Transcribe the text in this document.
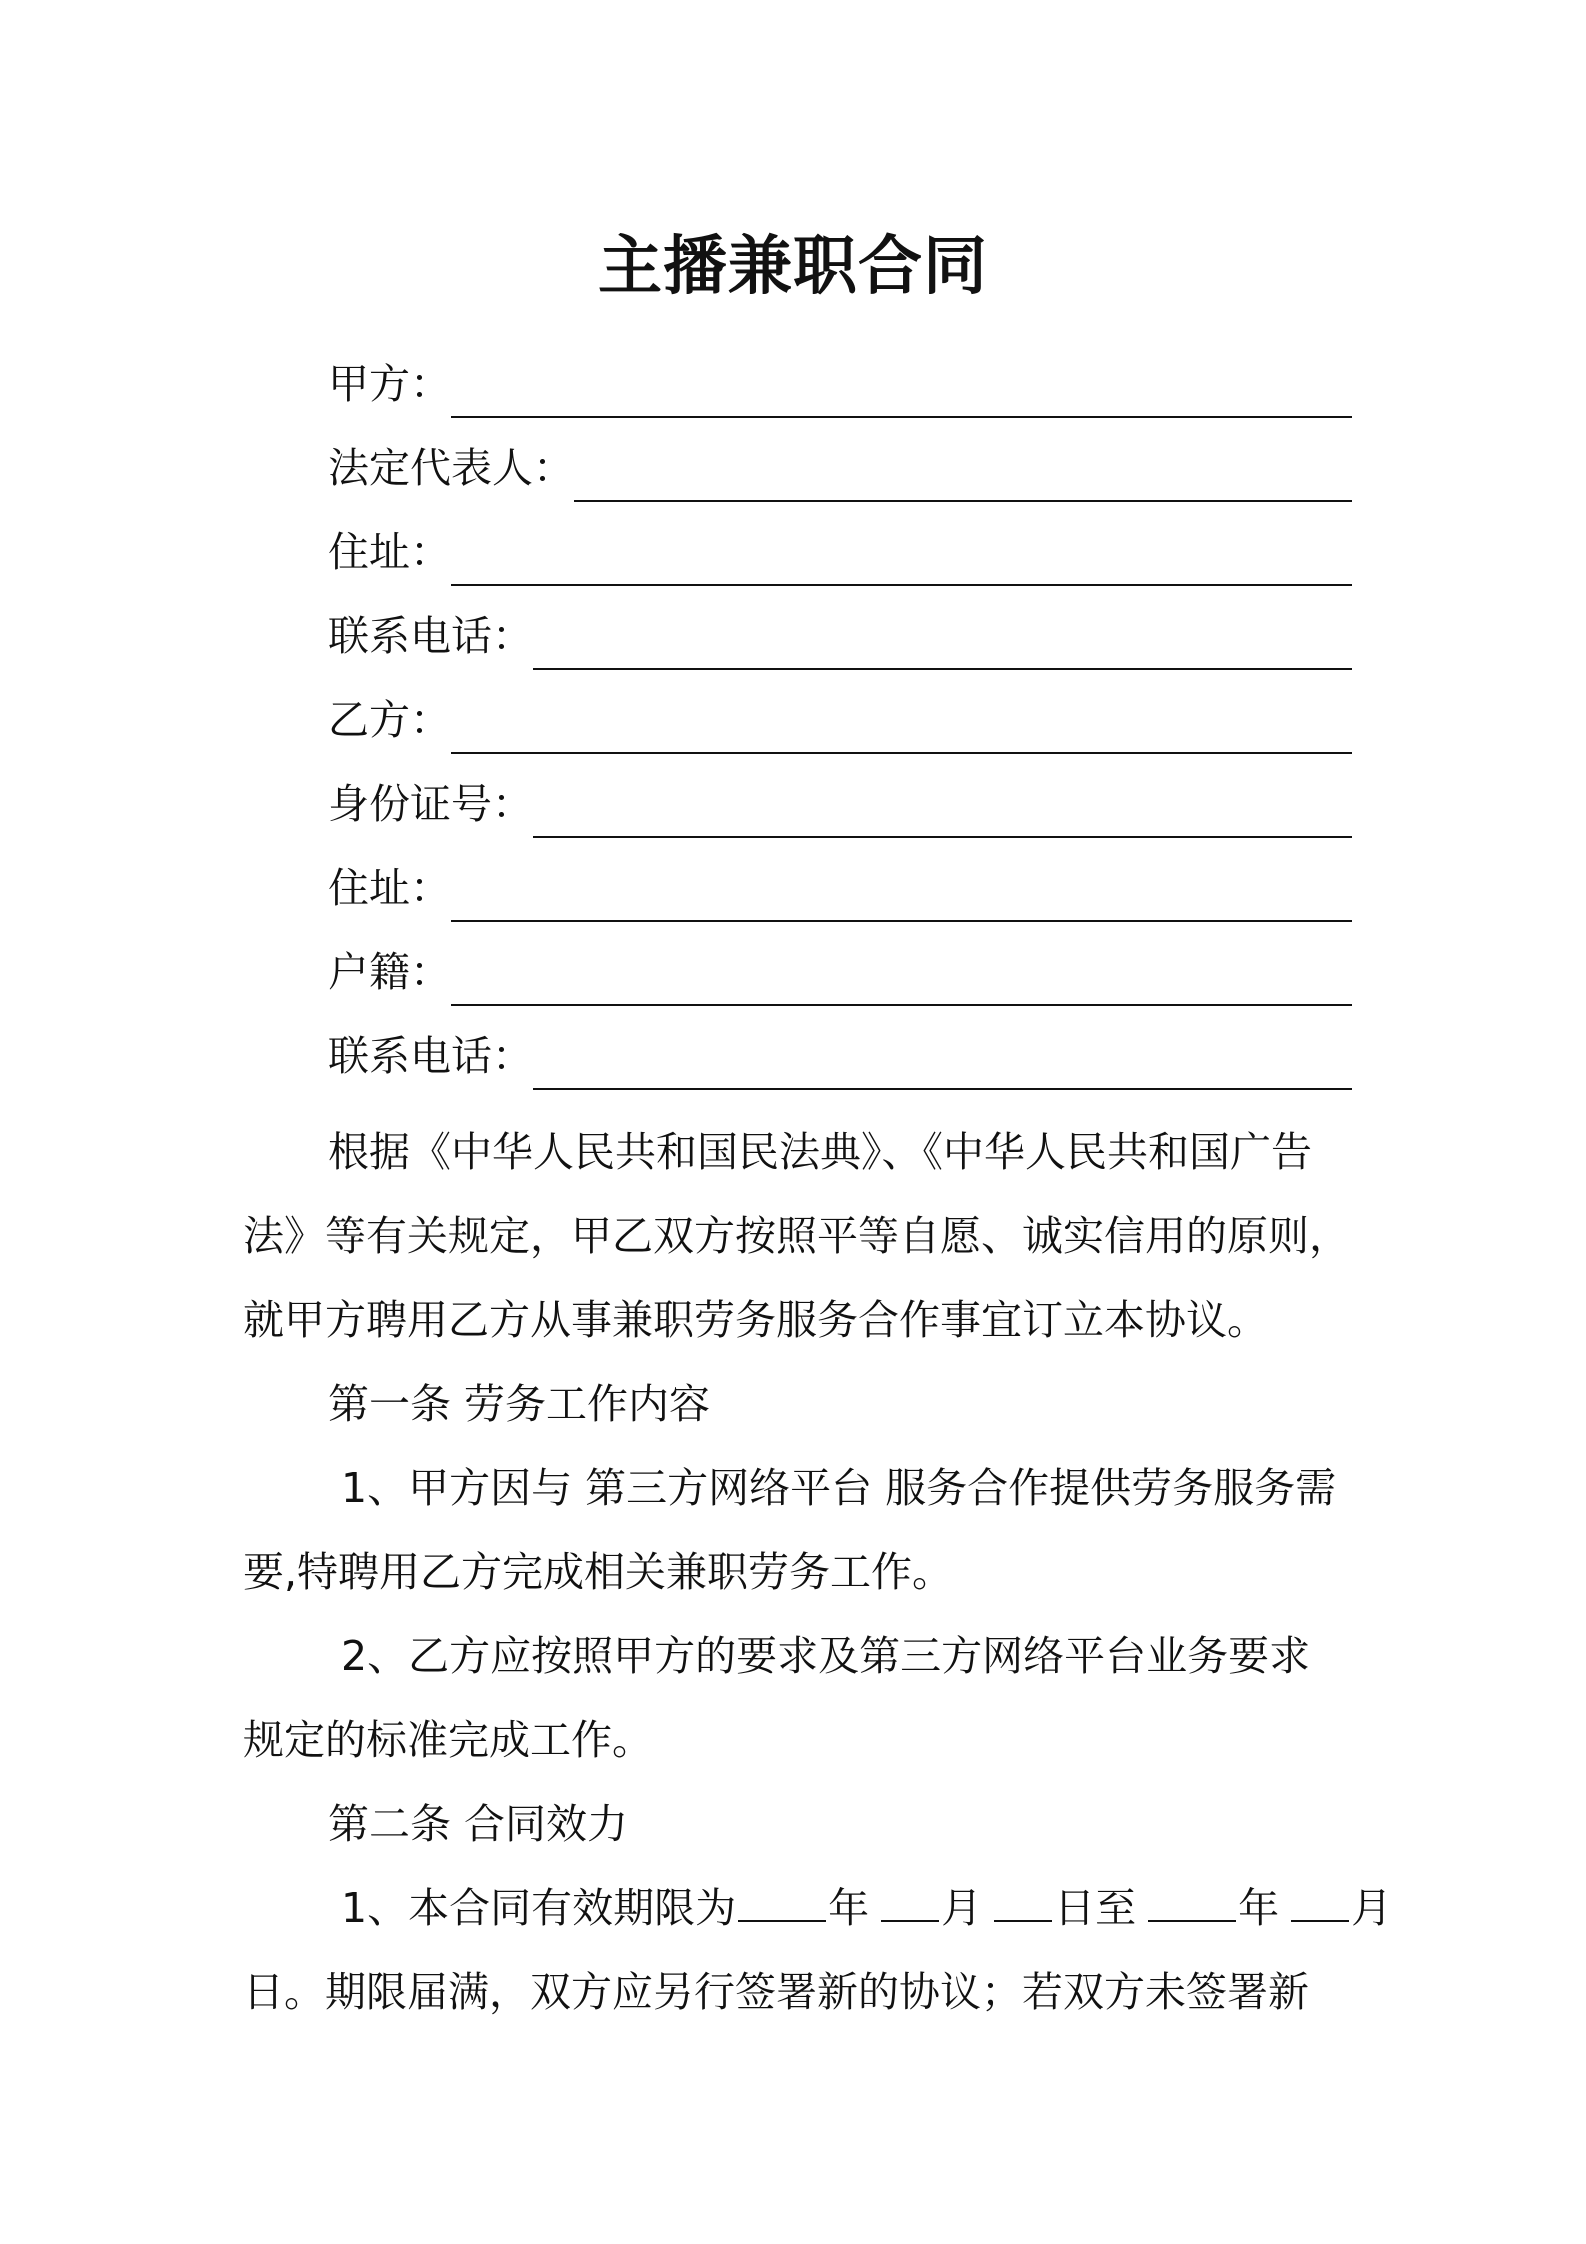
主播兼职合同
甲方：
法定代表人：
住址：
联系电话：
乙方：
身份证号：
住址：
户籍：
联系电话：
根据《中华人民共和国民法典》、《中华人民共和国广告
法》等有关规定，甲乙双方按照平等自愿、诚实信用的原则，
就甲方聘用乙方从事兼职劳务服务合作事宜订立本协议。
第一条 劳务工作内容
1、甲方因与 第三方网络平台 服务合作提供劳务服务需
要,特聘用乙方完成相关兼职劳务工作。
2、乙方应按照甲方的要求及第三方网络平台业务要求
规定的标准完成工作。
第二条 合同效力
1、本合同有效期限为 年 月 日至 年 月
日。期限届满，双方应另行签署新的协议；若双方未签署新
